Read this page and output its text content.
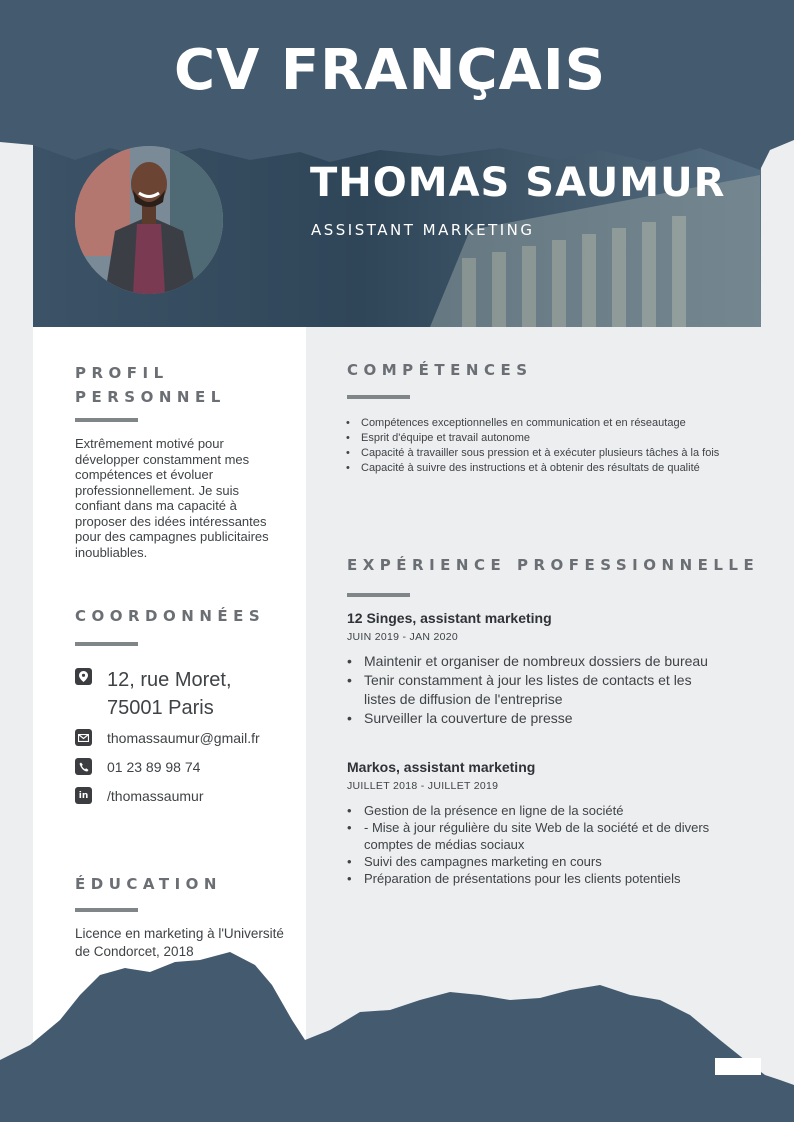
CV FRANÇAIS
THOMAS SAUMUR
ASSISTANT MARKETING
PROFIL PERSONNEL

Extrêmement motivé pour développer constamment mes compétences et évoluer professionnellement. Je suis confiant dans ma capacité à proposer des idées intéressantes pour des campagnes publicitaires inoubliables.

COORDONNÉES
12, rue Moret,
75001 Paris
thomassaumur@gmail.fr
01 23 89 98 74
in /thomassaumur
ÉDUCATION

Licence en marketing à l'Université de Condorcet, 2018

COMPÉTENCES
• Compétences exceptionnelles en communication et en réseautage
• Esprit d'équipe et travail autonome
• Capacité à travailler sous pression et à exécuter plusieurs tâches à la fois
• Capacité à suivre des instructions et à obtenir des résultats de qualité
EXPÉRIENCE PROFESSIONNELLE
12 Singes, assistant marketing
JUIN 2019 - JAN 2020
• Maintenir et organiser de nombreux dossiers de bureau
• Tenir constamment à jour les listes de contacts et les listes de diffusion de l'entreprise
• Surveiller la couverture de presse
Markos, assistant marketing
JUILLET 2018 - JUILLET 2019
• Gestion de la présence en ligne de la société
• - Mise à jour régulière du site Web de la société et de divers comptes de médias sociaux
• Suivi des campagnes marketing en cours
• Préparation de présentations pour les clients potentiels
